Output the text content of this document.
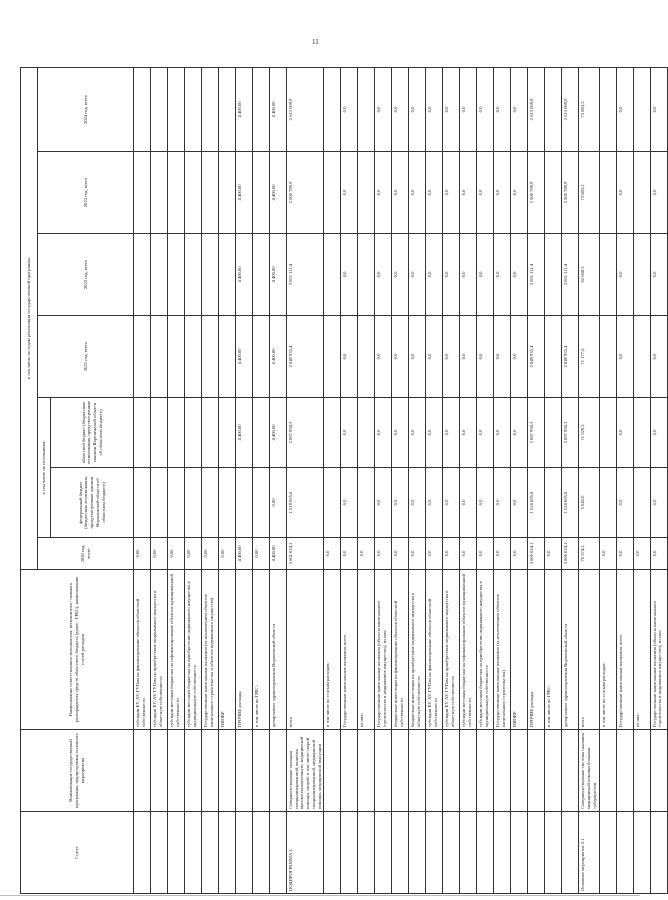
11
Статус	Наименование государственной программы, подпрограммы основного мероприятия	Наименование ответственного исполнителя, исполнителя - главного распорядителя средств областного бюджета (далее - ГРБС), наименование статей расходов	в том числе по годам реализации государственной программы						
			2020 год, всего	в том числе по источникам:		2021 год, всего	2022 год, всего	2023 год, всего	2024 год, всего
				федеральный бюджет (бюджетные ассигнования, предусмотренные законом Воронежской области об областном бюджете)	областной бюджет (бюджетные ассигнования, предусмотренные законом Воронежской области об областном бюджете)				
		субсидии ЕУ, АУ, ГУПам на финансирование объектов областной собственности	0,00						
		субсидии ЕУ, АУ, ГУПам на приобретение недвижимого имущества в областную собственность	0,00						
		субсидии местным бюджетам на софинансирование объектов муниципальной собственности	0,00						
		субсидии местным бюджетам на приобретение недвижимого имущества в муниципальную собственность	0,00						
		Государственные капитальные вложения (за исключением объектов капитального строительства и объектов недвижимого имущества)	0,00						
		НИОКР	0,00						
		ПРОЧИЕ расходы	4 400,00		4 400,00	4 400,00	4 400,00	4 400,00	4 400,00
		в том числе по ГРБС:	0,00						
		департамент здравоохранения Воронежской области	4 400,00	0,00	4 400,00	4 400,00	4 400,00	4 400,00	4 400,00
ПОДПРОГРАММА 2	Совершенствование оказания специализированной, включая высокотехнологичную, медицинской помощи, скорой, в том числе скорой специализированной, медицинской помощи, медицинской эвакуации	всего	3 601 024,1	1 518 065,8	2 087 958,3	2 849 935,4	3 851 111,4	2 500 789,9	2 613 069,9
		в том числе по статьям расходов:	0,0						
		Государственные капитальные вложения, всего	0,0	0,0	0,0	0,0	0,0	0,0	0,0
		из них:	0,0						
		Государственные капитальные вложения (объекты капитального строительства и недвижимое имущество), из них:	0,0	0,0	0,0	0,0	0,0	0,0	0,0
		бюджетные инвестиции на финансирование объектов областной собственности	0,0	0,0	0,0	0,0	0,0	0,0	0,0
		бюджетные инвестиции на приобретение недвижимого имущества в областную собственность	0,0	0,0	0,0	0,0	0,0	0,0	0,0
		субсидии ЕУ, АУ, ГУПам на финансирование объектов областной собственности	0,0	0,0	0,0	0,0	0,0	0,0	0,0
		субсидии ЕУ, АУ, ГУПам на приобретение недвижимого имущества в областную собственность	0,0	0,0	0,0	0,0	0,0	0,0	0,0
		субсидии местным бюджетам на софинансирование объектов муниципальной собственности	0,0	0,0	0,0	0,0	0,0	0,0	0,0
		субсидии местным бюджетам на приобретение недвижимого имущества в муниципальную собственность	0,0	0,0	0,0	0,0	0,0	0,0	0,0
		Государственные капитальные вложения (за исключением объектов капитального строительства)	0,0	0,0	0,0	0,0	0,0	0,0	0,0
		НИОКР	0,0	0,0	0,0	0,0	0,0	0,0	0,0
		ПРОЧИЕ расходы	3 606 024,1	1 518 065,8	2 087 958,3	2 849 935,4	3 851 111,4	2 500 789,9	2 613 069,9
		в том числе по ГРБС:	0,0						
		департамент здравоохранения Воронежской области	3 606 024,1	1 518 065,8	2 087 958,3	2 849 935,4	3 851 111,4	2 500 789,9	2 613 069,9
Основное мероприятие 2.1	Совершенствование системы оказания медицинской помощи больным туберкулезом	всего	76 574,5	5 045,0	71 529,5	71 177,8	82 068,3	73 883,2	73 883,2
		в том числе по статьям расходов:	0,0						
		Государственные капитальные вложения, всего	0,0	0,0	0,0	0,0	0,0	0,0	0,0
		из них:	0,0						
		Государственные капитальные вложения (объекты капитального строительства и недвижимое имущество), из них:	0,0	0,0	0,0	0,0	0,0	0,0	0,0
